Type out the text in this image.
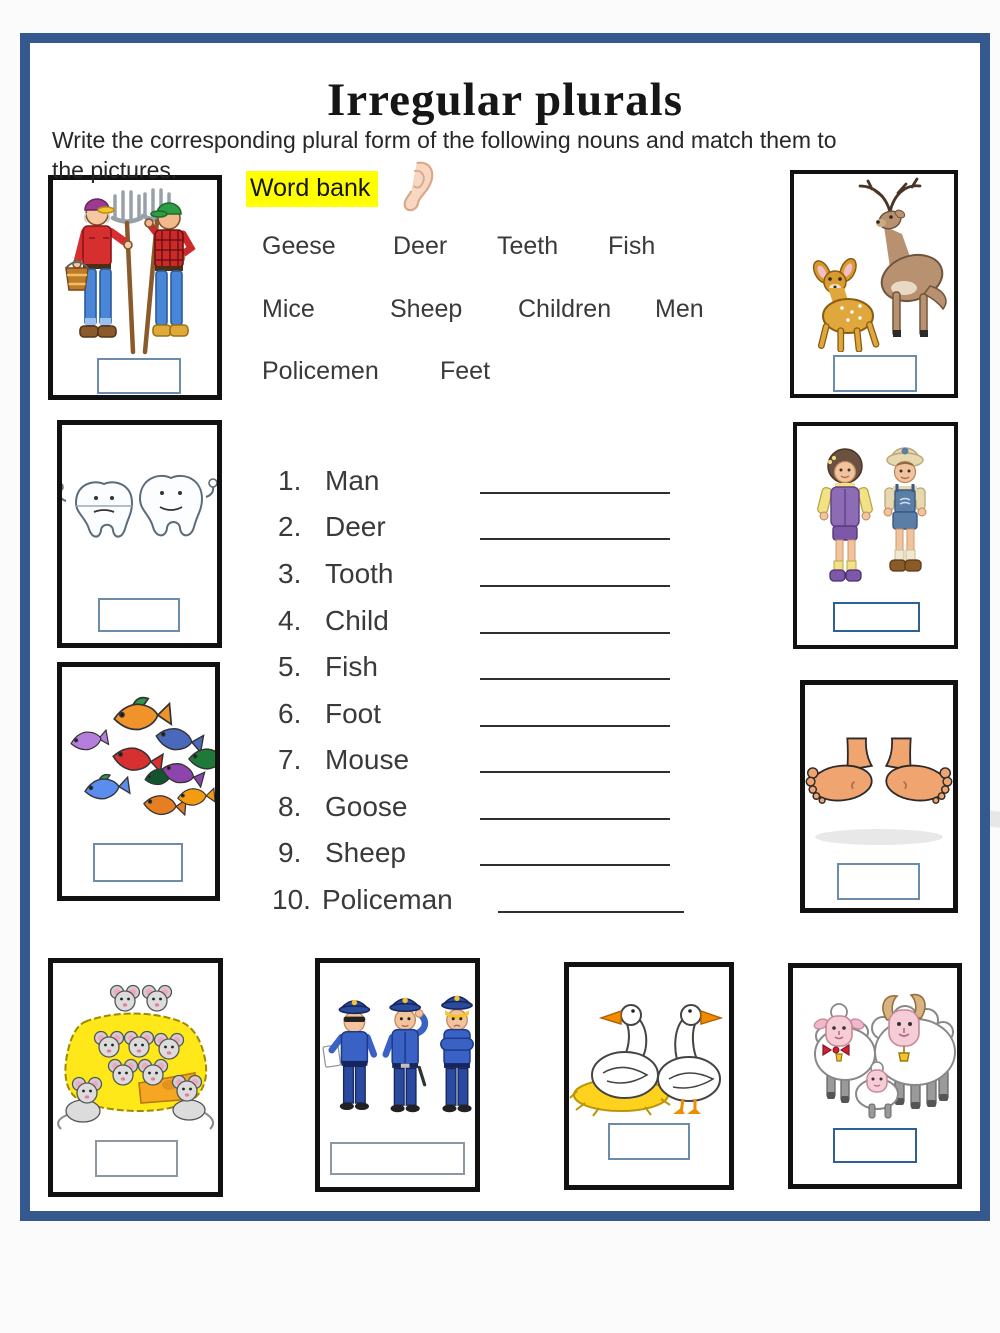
Irregular plurals

Write the corresponding plural form of the following nouns and match them to the pictures.

Word bank
Geese Deer Teeth Fish
Mice	Sheep Children Men
Policemen Feet
1. Man
2. Deer
3. Tooth
4. Child
5. Fish
6. Foot
7. Mouse
8. Goose
9. Sheep
10. Policeman
